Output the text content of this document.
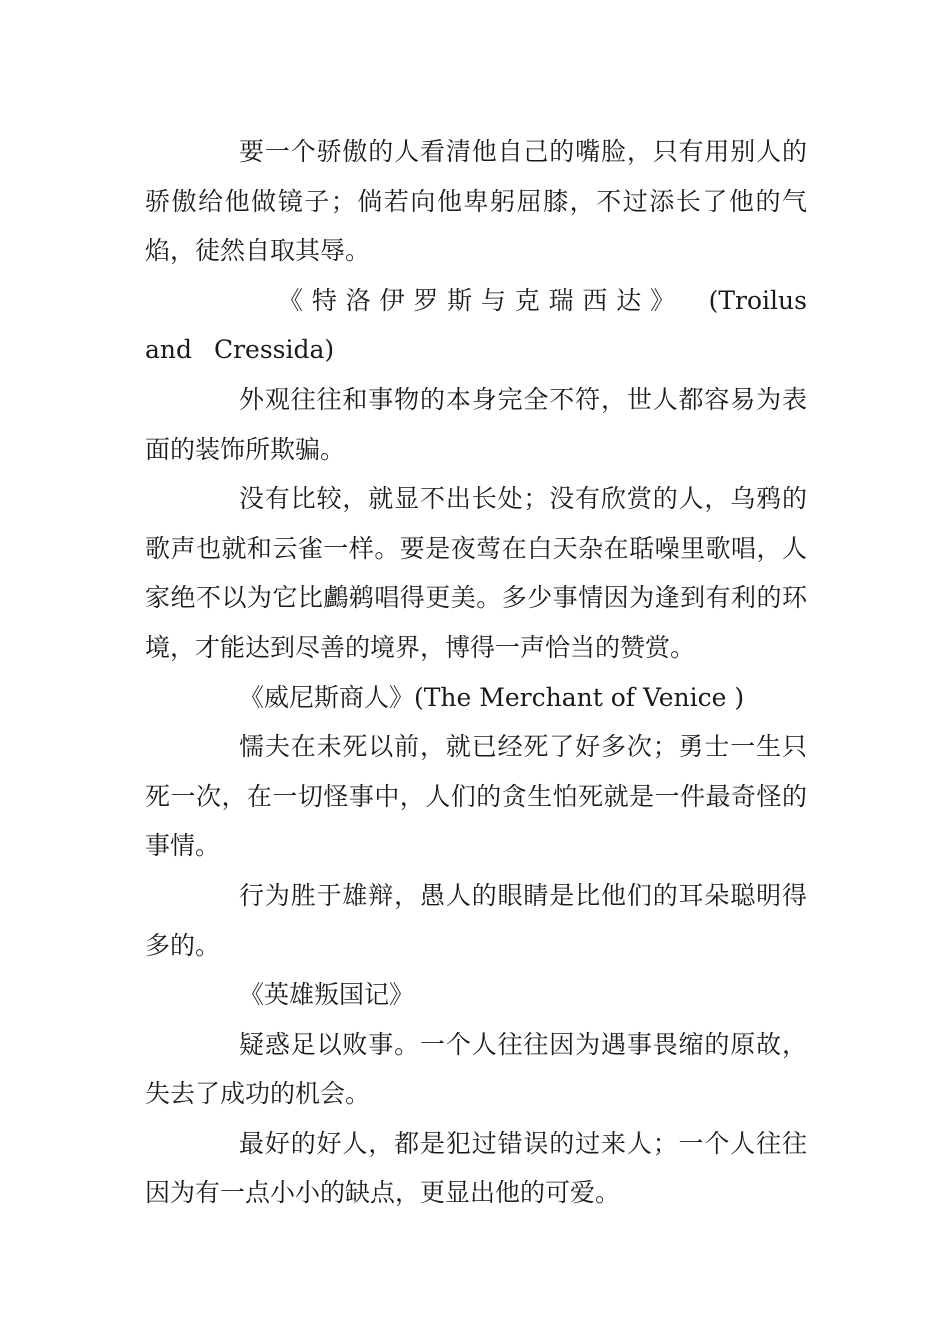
要一个骄傲的人看清他自己的嘴脸，只有用别人的骄傲给他做镜子；倘若向他卑躬屈膝，不过添长了他的气焰，徒然自取其辱。

《特洛伊罗斯与克瑞西达》 (Troilus and Cressida)

外观往往和事物的本身完全不符，世人都容易为表面的装饰所欺骗。

没有比较，就显不出长处；没有欣赏的人，乌鸦的歌声也就和云雀一样。要是夜莺在白天杂在聒噪里歌唱，人家绝不以为它比鸕鹈唱得更美。多少事情因为逢到有利的环境，才能达到尽善的境界，博得一声恰当的赞赏。

《威尼斯商人》(The Merchant of Venice )

懦夫在未死以前，就已经死了好多次；勇士一生只死一次，在一切怪事中，人们的贪生怕死就是一件最奇怪的事情。

行为胜于雄辩，愚人的眼睛是比他们的耳朵聪明得多的。

《英雄叛国记》

疑惑足以败事。一个人往往因为遇事畏缩的原故，失去了成功的机会。

最好的好人，都是犯过错误的过来人；一个人往往因为有一点小小的缺点，更显出他的可爱。
